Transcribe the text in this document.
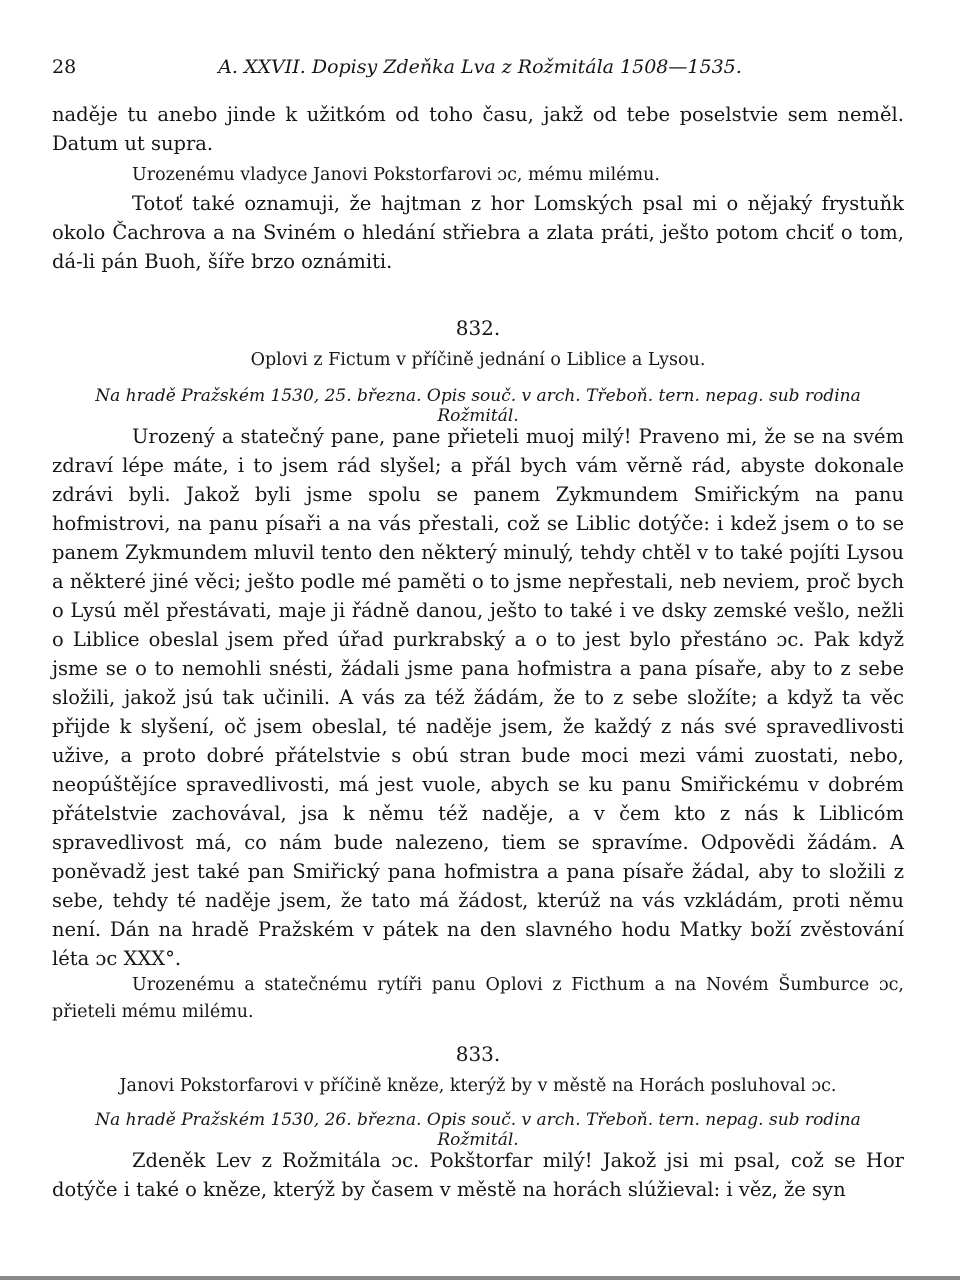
28	A. XXVII. Dopisy Zdeňka Lva z Rožmitála 1508—1535.
naděje tu anebo jinde k užitkóm od toho času, jakž od tebe poselstvie sem neměl. Datum ut supra.
Urozenému vladyce Janovi Pokstorfarovi ɔc, mému milému.
Totoť také oznamuji, že hajtman z hor Lomských psal mi o nějaký frystuňk okolo Čachrova a na Sviném o hledání střiebra a zlata práti, ješto potom chciť o tom, dá-li pán Buoh, šíře brzo oznámiti.
832.
Oplovi z Fictum v příčině jednání o Liblice a Lysou.
Na hradě Pražském 1530, 25. března. Opis souč. v arch. Třeboň. tern. nepag. sub rodina Rožmitál.
Urozený a statečný pane, pane přieteli muoj milý! Praveno mi, že se na svém zdraví lépe máte, i to jsem rád slyšel; a přál bych vám věrně rád, abyste dokonale zdrávi byli. Jakož byli jsme spolu se panem Zykmundem Smiřickým na panu hofmistrovi, na panu písaři a na vás přestali, což se Liblic dotýče: i kdež jsem o to se panem Zykmundem mluvil tento den některý minulý, tehdy chtěl v to také pojíti Lysou a některé jiné věci; ješto podle mé paměti o to jsme nepřestali, neb neviem, proč bych o Lysú měl přestávati, maje ji řádně danou, ješto to také i ve dsky zemské vešlo, nežli o Liblice obeslal jsem před úřad purkrabský a o to jest bylo přestáno ɔc. Pak když jsme se o to nemohli snésti, žádali jsme pana hofmistra a pana písaře, aby to z sebe složili, jakož jsú tak učinili. A vás za též žádám, že to z sebe složíte; a když ta věc přijde k slyšení, oč jsem obeslal, té naděje jsem, že každý z nás své spravedlivosti užive, a proto dobré přátelstvie s obú stran bude moci mezi vámi zuostati, nebo, neopúštějíce spravedlivosti, má jest vuole, abych se ku panu Smiřickému v dobrém přátelstvie zachovával, jsa k němu též naděje, a v čem kto z nás k Liblicóm spravedlivost má, co nám bude nalezeno, tiem se spravíme. Odpovědi žádám. A poněvadž jest také pan Smiřický pana hofmistra a pana písaře žádal, aby to složili z sebe, tehdy té naděje jsem, že tato má žádost, kterúž na vás vzkládám, proti němu není. Dán na hradě Pražském v pátek na den slavného hodu Matky boží zvěstování léta ɔc XXX°.
Urozenému a statečnému rytíři panu Oplovi z Ficthum a na Novém Šumburce ɔc, přieteli mému milému.
833.
Janovi Pokstorfarovi v příčině kněze, kterýž by v městě na Horách posluhoval ɔc.
Na hradě Pražském 1530, 26. března. Opis souč. v arch. Třeboň. tern. nepag. sub rodina Rožmitál.
Zdeněk Lev z Rožmitála ɔc. Pokštorfar milý! Jakož jsi mi psal, což se Hor dotýče i také o kněze, kterýž by časem v městě na horách slúžieval: i věz, že syn
